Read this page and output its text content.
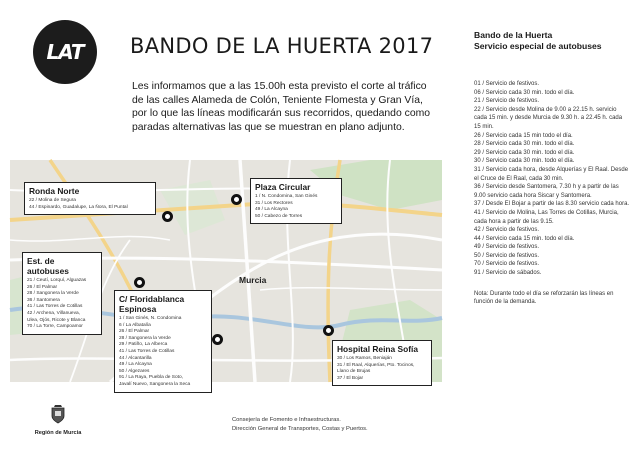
LAT BANDO DE LA HUERTA 2017
Les informamos que a las 15.00h esta previsto el corte al tráfico de las calles Alameda de Colón, Teniente Flomesta y Gran Vía, por lo que las líneas modificarán sus recorridos, quedando como paradas alternativas las que se muestran en plano adjunto.
Murcia
Ronda Norte
22 / Molina de Segura
44 / Espinardo, Guadalupe, La Ñora, El Puntal
Plaza Circular
1 / N. Condomina, San Ginés
31 / Los Rectores
49 / La Alcayna
50 / Cabezo de Torres
Est. de autobuses
21 / Ceutí, Lorquí, Alguazas
26 / El Palmar
28 / Sangonera la Verde
36 / Santomera
41 / Las Torres de Cotillas
42 / Archena, Villanueva,
Ulea, Ojós, Ricote y Blanca
70 / La Torre, Campoamor
C/ Floridablanca Espinosa
1 / San Ginés, N. Condomina
6 / La Albatalía
26 / El Palmar
28 / Sangonera la Verde
29 / Patiño, La Alberca
41 / Las Torres de Cotillas
44 / Alcantarilla
49 / La Alcayna
50 / Algezares
91 / La Raya, Puebla de Soto,
Javalí Nuevo, Sangonera la Seca
Hospital Reina Sofía
30 / Los Ramos, Beniaján
31 / El Raal, Alquerías, Pto. Tocinos,
Llano de Brujas
37 / El Bojar
Bando de la Huerta
Servicio especial de autobuses
01 / Servicio de festivos.
06 / Servicio cada 30 min. todo el día.
21 / Servicio de festivos.
22 / Servicio desde Molina de 9.00 a 22.15 h. servicio cada 15 min. y desde Murcia de 9.30 h. a 22.45 h. cada 15 min.
26 / Servicio cada 15 min todo el día.
28 / Servicio cada 30 min. todo el día.
29 / Servicio cada 30 min. todo el día.
30 / Servicio cada 30 min. todo el día.
31 / Servicio cada hora, desde Alquerías y El Raal. Desde el Cruce de El Raal, cada 30 min.
36 / Servicio desde Santomera, 7.30 h y a partir de las 9.00 servicio cada hora Siscar y Santomera.
37 / Desde El Bojar a partir de las 8.30 servicio cada hora.
41 / Servicio de Molina, Las Torres de Cotillas, Murcia, cada hora a partir de las 9.15.
42 / Servicio de festivos.
44 / Servicio cada 15 min. todo el día.
49 / Servicio de festivos.
50 / Servicio de festivos.
70 / Servicio de festivos.
91 / Servicio de sábados.
Nota: Durante todo el día se reforzarán las líneas en función de la demanda.
Región de Murcia
Consejería de Fomento e Infraestructuras.
Dirección General de Transportes, Costas y Puertos.
